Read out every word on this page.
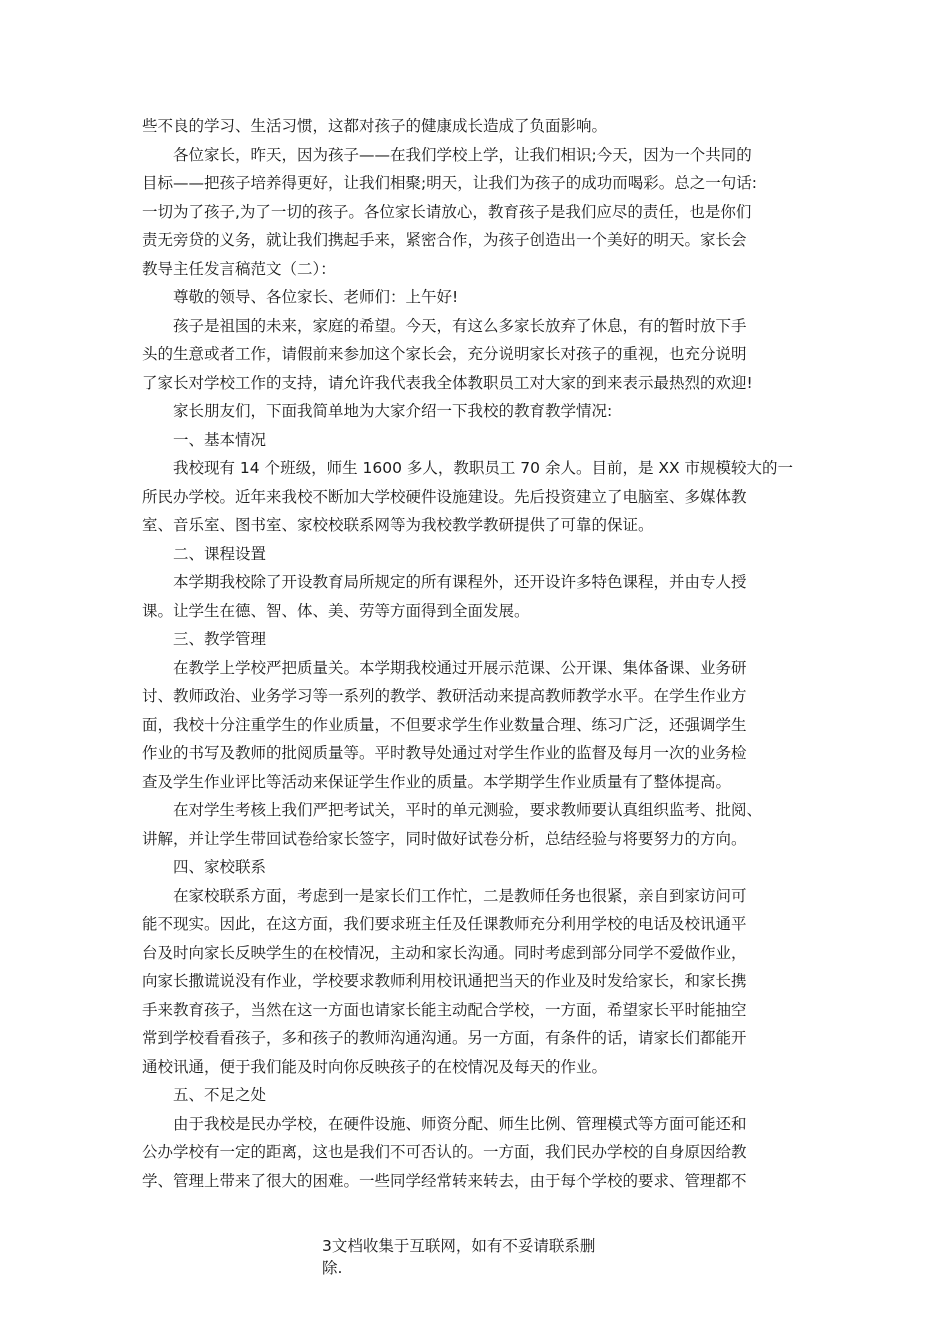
些不良的学习、生活习惯，这都对孩子的健康成长造成了负面影响。
各位家长，昨天，因为孩子——在我们学校上学，让我们相识;今天，因为一个共同的
目标——把孩子培养得更好，让我们相聚;明天，让我们为孩子的成功而喝彩。总之一句话:
一切为了孩子,为了一切的孩子。各位家长请放心，教育孩子是我们应尽的责任，也是你们
责无旁贷的义务，就让我们携起手来，紧密合作，为孩子创造出一个美好的明天。家长会
教导主任发言稿范文（二）：
尊敬的领导、各位家长、老师们：上午好!
孩子是祖国的未来，家庭的希望。今天，有这么多家长放弃了休息，有的暂时放下手
头的生意或者工作，请假前来参加这个家长会，充分说明家长对孩子的重视，也充分说明
了家长对学校工作的支持，请允许我代表我全体教职员工对大家的到来表示最热烈的欢迎!
家长朋友们，下面我简单地为大家介绍一下我校的教育教学情况:
一、基本情况
我校现有 14 个班级，师生 1600 多人，教职员工 70 余人。目前，是 XX 市规模较大的一
所民办学校。近年来我校不断加大学校硬件设施建设。先后投资建立了电脑室、多媒体教
室、音乐室、图书室、家校校联系网等为我校教学教研提供了可靠的保证。
二、课程设置
本学期我校除了开设教育局所规定的所有课程外，还开设许多特色课程，并由专人授
课。让学生在德、智、体、美、劳等方面得到全面发展。
三、教学管理
在教学上学校严把质量关。本学期我校通过开展示范课、公开课、集体备课、业务研
讨、教师政治、业务学习等一系列的教学、教研活动来提高教师教学水平。在学生作业方
面，我校十分注重学生的作业质量，不但要求学生作业数量合理、练习广泛，还强调学生
作业的书写及教师的批阅质量等。平时教导处通过对学生作业的监督及每月一次的业务检
查及学生作业评比等活动来保证学生作业的质量。本学期学生作业质量有了整体提高。
在对学生考核上我们严把考试关，平时的单元测验，要求教师要认真组织监考、批阅、
讲解，并让学生带回试卷给家长签字，同时做好试卷分析，总结经验与将要努力的方向。
四、家校联系
在家校联系方面，考虑到一是家长们工作忙，二是教师任务也很紧，亲自到家访问可
能不现实。因此，在这方面，我们要求班主任及任课教师充分利用学校的电话及校讯通平
台及时向家长反映学生的在校情况，主动和家长沟通。同时考虑到部分同学不爱做作业，
向家长撒谎说没有作业，学校要求教师利用校讯通把当天的作业及时发给家长，和家长携
手来教育孩子，当然在这一方面也请家长能主动配合学校，一方面，希望家长平时能抽空
常到学校看看孩子，多和孩子的教师沟通沟通。另一方面，有条件的话，请家长们都能开
通校讯通，便于我们能及时向你反映孩子的在校情况及每天的作业。
五、不足之处
由于我校是民办学校，在硬件设施、师资分配、师生比例、管理模式等方面可能还和
公办学校有一定的距离，这也是我们不可否认的。一方面，我们民办学校的自身原因给教
学、管理上带来了很大的困难。一些同学经常转来转去，由于每个学校的要求、管理都不
3文档收集于互联网，如有不妥请联系删
除.
